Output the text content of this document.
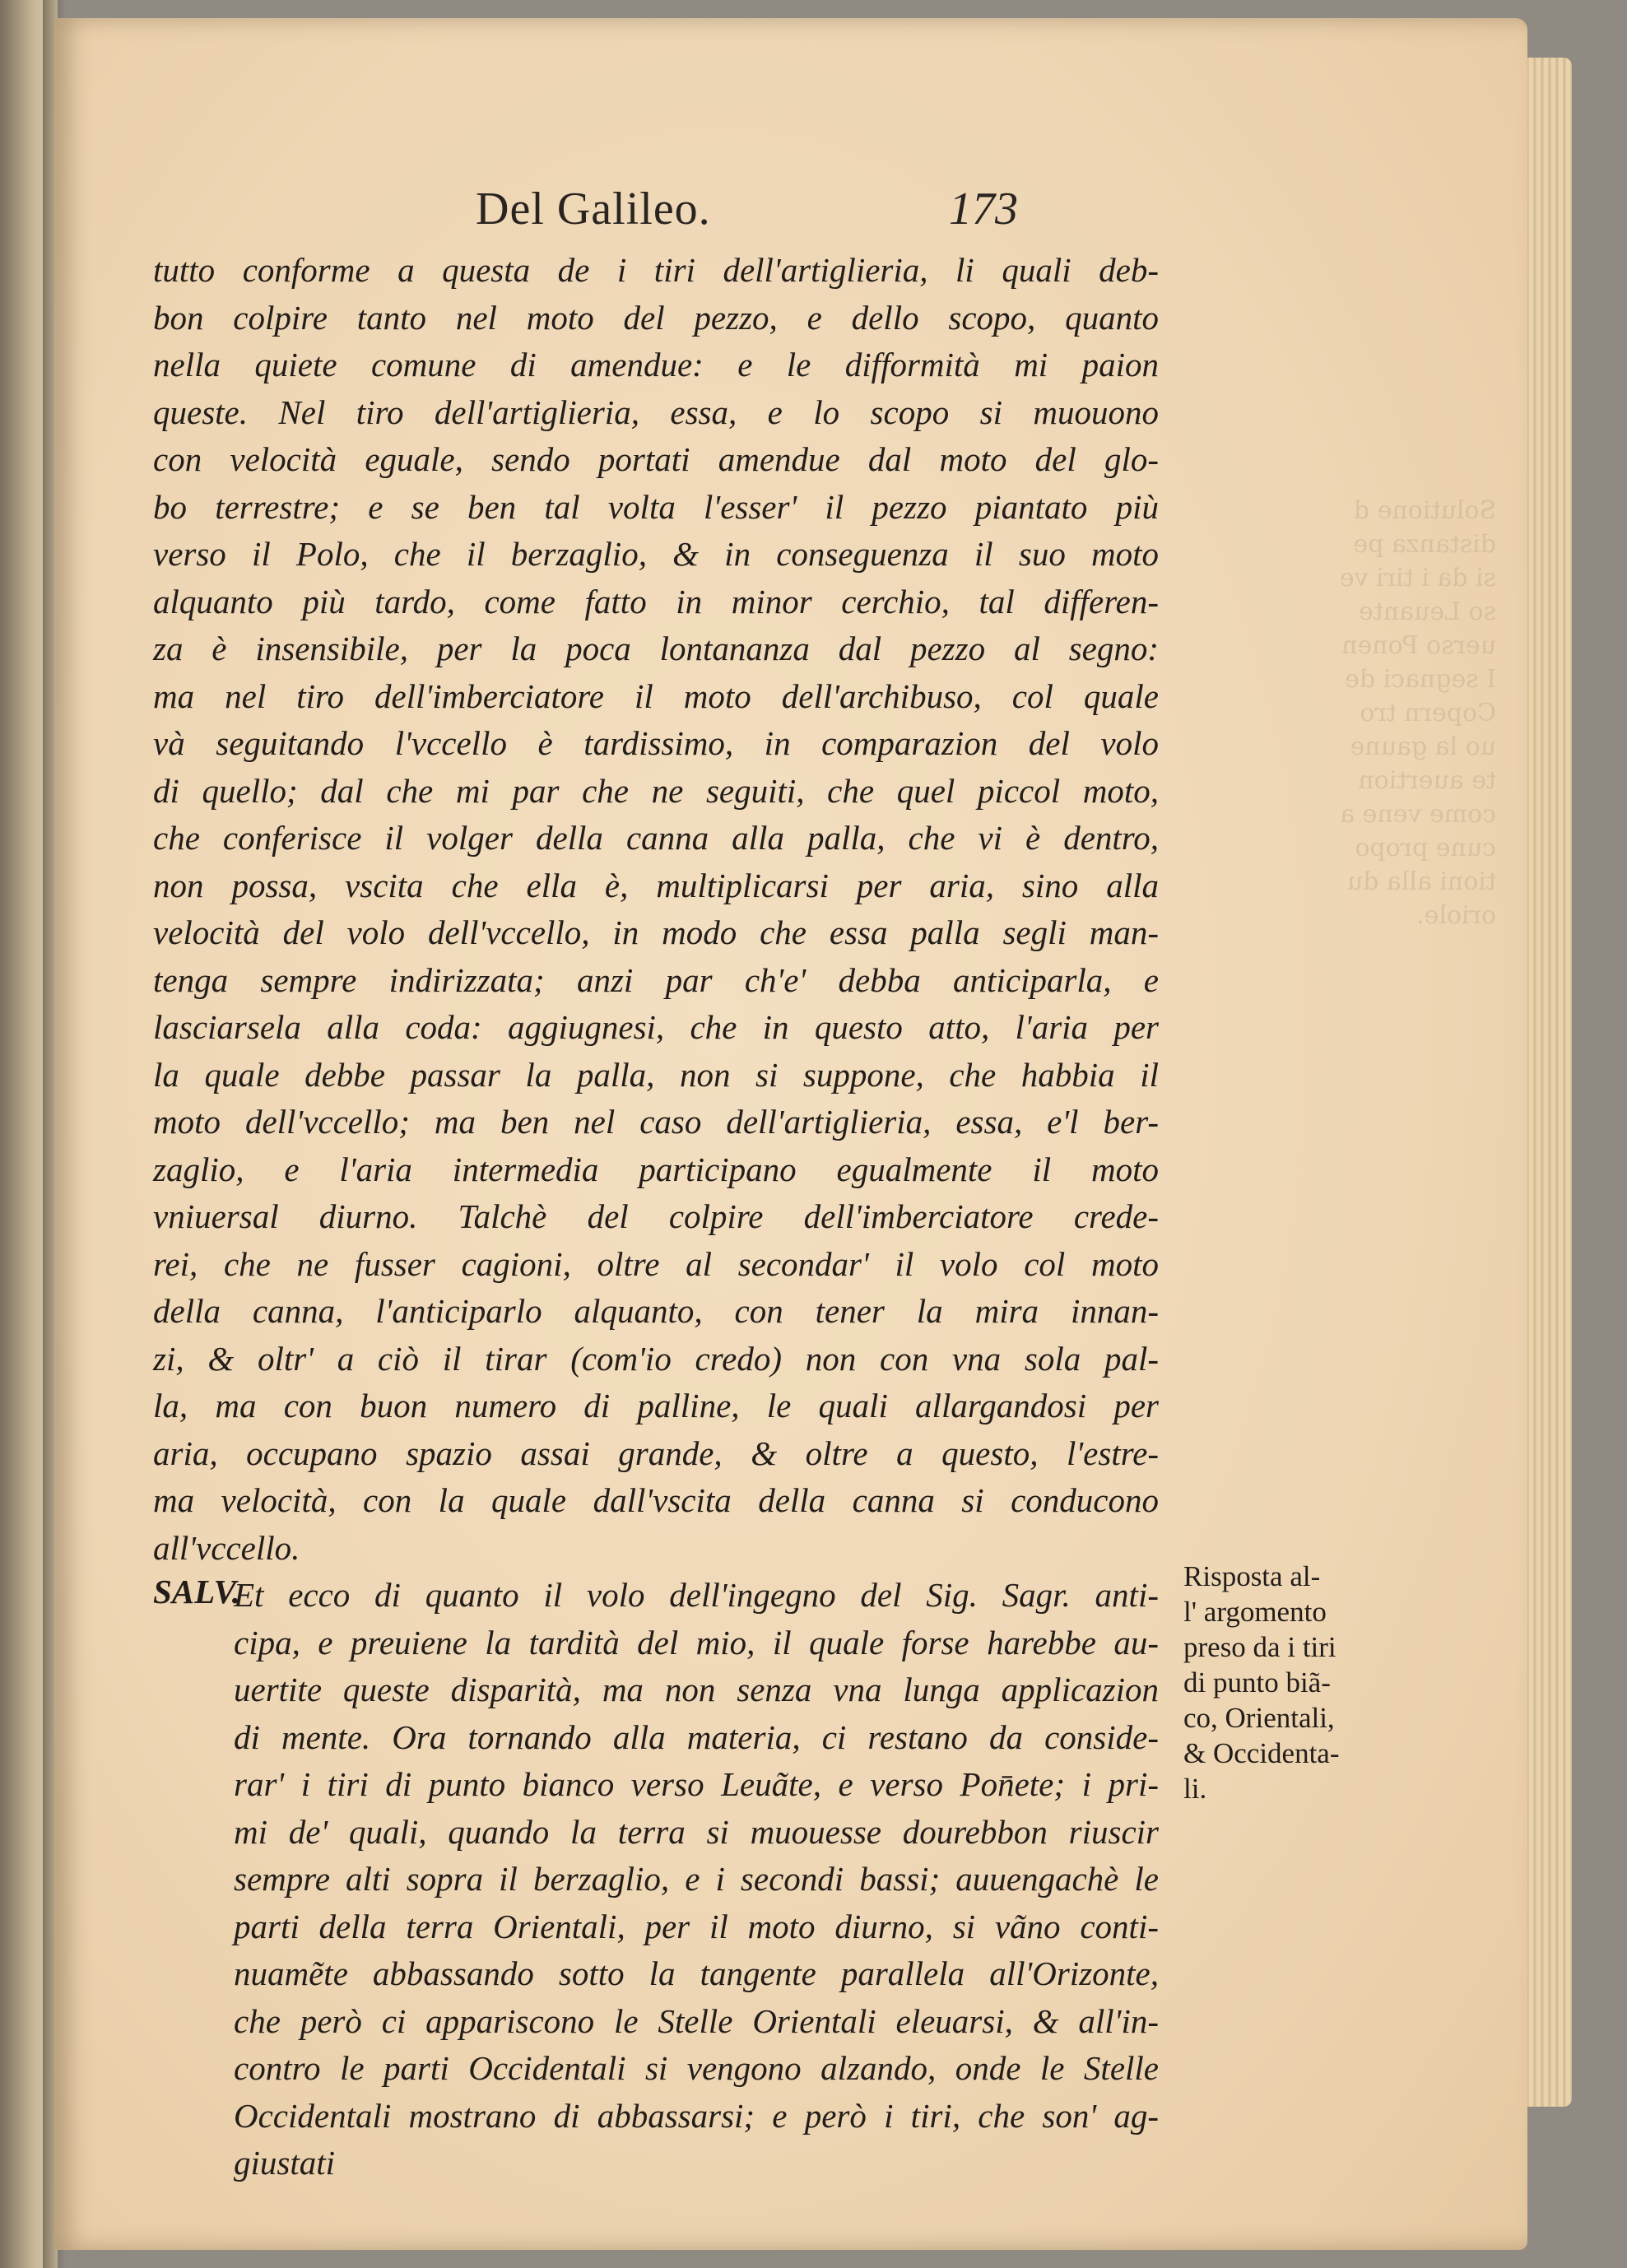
Solutione d
distanza pe
si da i tiri ve
so Leuante
uerso Ponen
I segnaci de
Copern tro
uo la gaune
te auertion
come vene a
cune propo
tioni alla du
oriole.
Del Galileo.	173
tutto conforme a questa de i tiri dell'artiglieria, li quali deb-
bon colpire tanto nel moto del pezzo, e dello scopo, quanto
nella quiete comune di amendue: e le difformità mi paion
queste. Nel tiro dell'artiglieria, essa, e lo scopo si muouono
con velocità eguale, sendo portati amendue dal moto del glo-
bo terrestre; e se ben tal volta l'esser' il pezzo piantato più
verso il Polo, che il berzaglio, & in conseguenza il suo moto
alquanto più tardo, come fatto in minor cerchio, tal differen-
za è insensibile, per la poca lontananza dal pezzo al segno:
ma nel tiro dell'imberciatore il moto dell'archibuso, col quale
và seguitando l'vccello è tardissimo, in comparazion del volo
di quello; dal che mi par che ne seguiti, che quel piccol moto,
che conferisce il volger della canna alla palla, che vi è dentro,
non possa, vscita che ella è, multiplicarsi per aria, sino alla
velocità del volo dell'vccello, in modo che essa palla segli man-
tenga sempre indirizzata; anzi par ch'e' debba anticiparla, e
lasciarsela alla coda: aggiugnesi, che in questo atto, l'aria per
la quale debbe passar la palla, non si suppone, che habbia il
moto dell'vccello; ma ben nel caso dell'artiglieria, essa, e'l ber-
zaglio, e l'aria intermedia participano egualmente il moto
vniuersal diurno. Talchè del colpire dell'imberciatore crede-
rei, che ne fusser cagioni, oltre al secondar' il volo col moto
della canna, l'anticiparlo alquanto, con tener la mira innan-
zi, & oltr' a ciò il tirar (com'io credo) non con vna sola pal-
la, ma con buon numero di palline, le quali allargandosi per
aria, occupano spazio assai grande, & oltre a questo, l'estre-
ma velocità, con la quale dall'vscita della canna si conducono
all'vccello.
SALV.
Et ecco di quanto il volo dell'ingegno del Sig. Sagr. anti-
cipa, e preuiene la tardità del mio, il quale forse harebbe au-
uertite queste disparità, ma non senza vna lunga applicazion
di mente. Ora tornando alla materia, ci restano da conside-
rar' i tiri di punto bianco verso Leuãte, e verso Pon̄ete; i pri-
mi de' quali, quando la terra si muouesse dourebbon riuscir
sempre alti sopra il berzaglio, e i secondi bassi; auuengachè le
parti della terra Orientali, per il moto diurno, si vãno conti-
nuamẽte abbassando sotto la tangente parallela all'Orizonte,
che però ci appariscono le Stelle Orientali eleuarsi, & all'in-
contro le parti Occidentali si vengono alzando, onde le Stelle
Occidentali mostrano di abbassarsi; e però i tiri, che son' ag-
giustati
Risposta al-
l' argomento
preso da i tiri
di punto biã-
co, Orientali,
& Occidenta-
li.
